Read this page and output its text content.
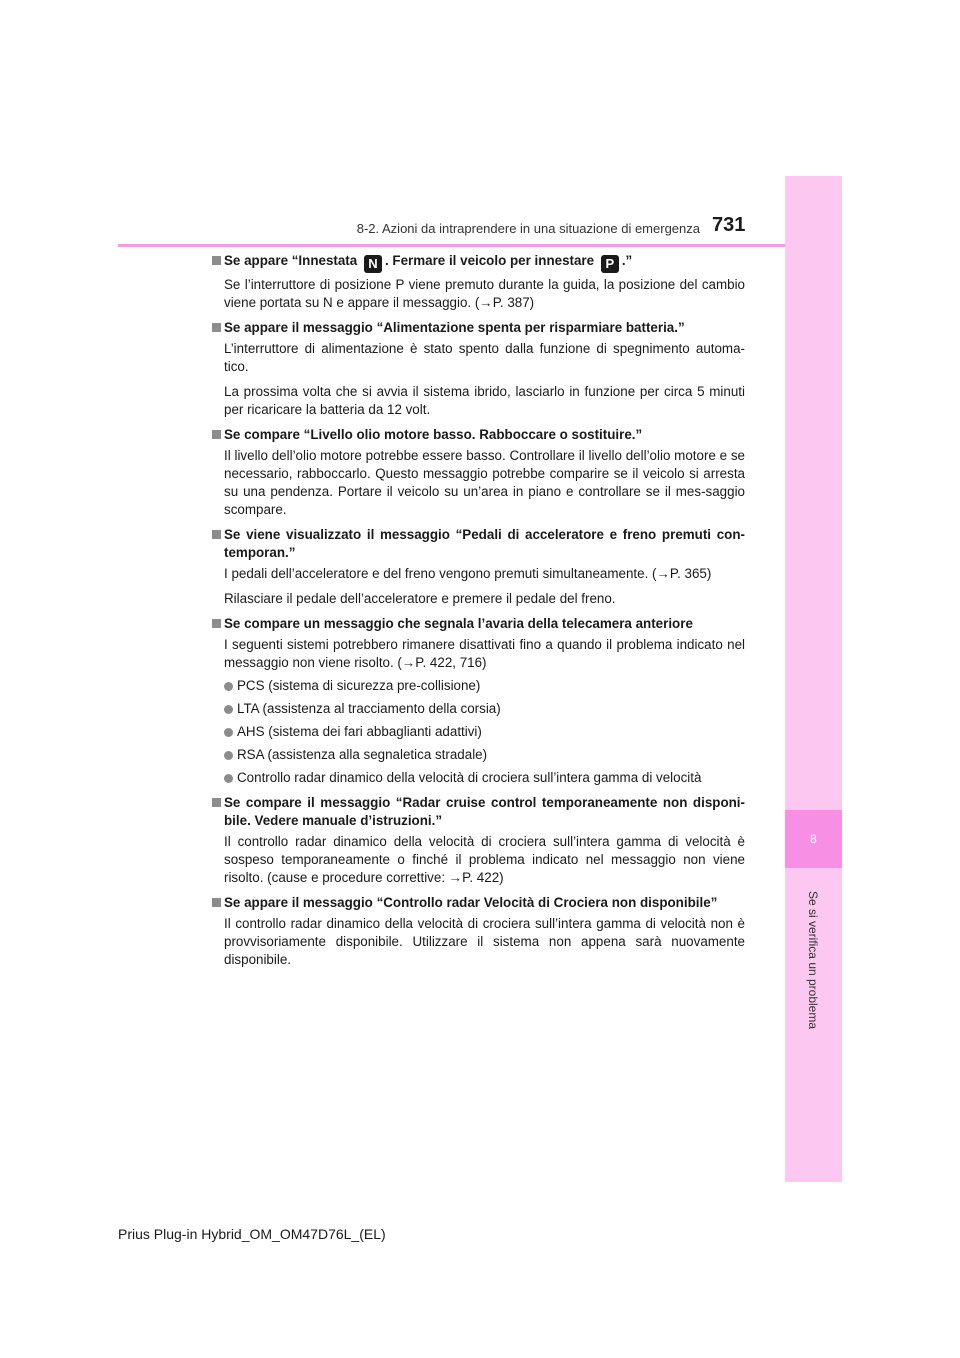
8
Se si verifica un problema
8-2. Azioni da intraprendere in una situazione di emergenza 731
Se appare “Innestata N . Fermare il veicolo per innestare P .”
Se l’interruttore di posizione P viene premuto durante la guida, la posizione del cambio viene portata su N e appare il messaggio. (→P. 387)
Se appare il messaggio “Alimentazione spenta per risparmiare batteria.”
L’interruttore di alimentazione è stato spento dalla funzione di spegnimento automa-tico.
La prossima volta che si avvia il sistema ibrido, lasciarlo in funzione per circa 5 minuti per ricaricare la batteria da 12 volt.
Se compare “Livello olio motore basso. Rabboccare o sostituire.”
Il livello dell’olio motore potrebbe essere basso. Controllare il livello dell’olio motore e se necessario, rabboccarlo. Questo messaggio potrebbe comparire se il veicolo si arresta su una pendenza. Portare il veicolo su un’area in piano e controllare se il mes-saggio scompare.
Se viene visualizzato il messaggio “Pedali di acceleratore e freno premuti con-temporan.”
I pedali dell’acceleratore e del freno vengono premuti simultaneamente. (→P. 365)
Rilasciare il pedale dell’acceleratore e premere il pedale del freno.
Se compare un messaggio che segnala l’avaria della telecamera anteriore
I seguenti sistemi potrebbero rimanere disattivati fino a quando il problema indicato nel messaggio non viene risolto. (→P. 422, 716)
PCS (sistema di sicurezza pre-collisione)
LTA (assistenza al tracciamento della corsia)
AHS (sistema dei fari abbaglianti adattivi)
RSA (assistenza alla segnaletica stradale)
Controllo radar dinamico della velocità di crociera sull’intera gamma di velocità
Se compare il messaggio “Radar cruise control temporaneamente non disponi-bile. Vedere manuale d’istruzioni.”
Il controllo radar dinamico della velocità di crociera sull’intera gamma di velocità è sospeso temporaneamente o finché il problema indicato nel messaggio non viene risolto. (cause e procedure correttive: →P. 422)
Se appare il messaggio “Controllo radar Velocità di Crociera non disponibile”
Il controllo radar dinamico della velocità di crociera sull’intera gamma di velocità non è provvisoriamente disponibile. Utilizzare il sistema non appena sarà nuovamente disponibile.
Prius Plug-in Hybrid_OM_OM47D76L_(EL)
